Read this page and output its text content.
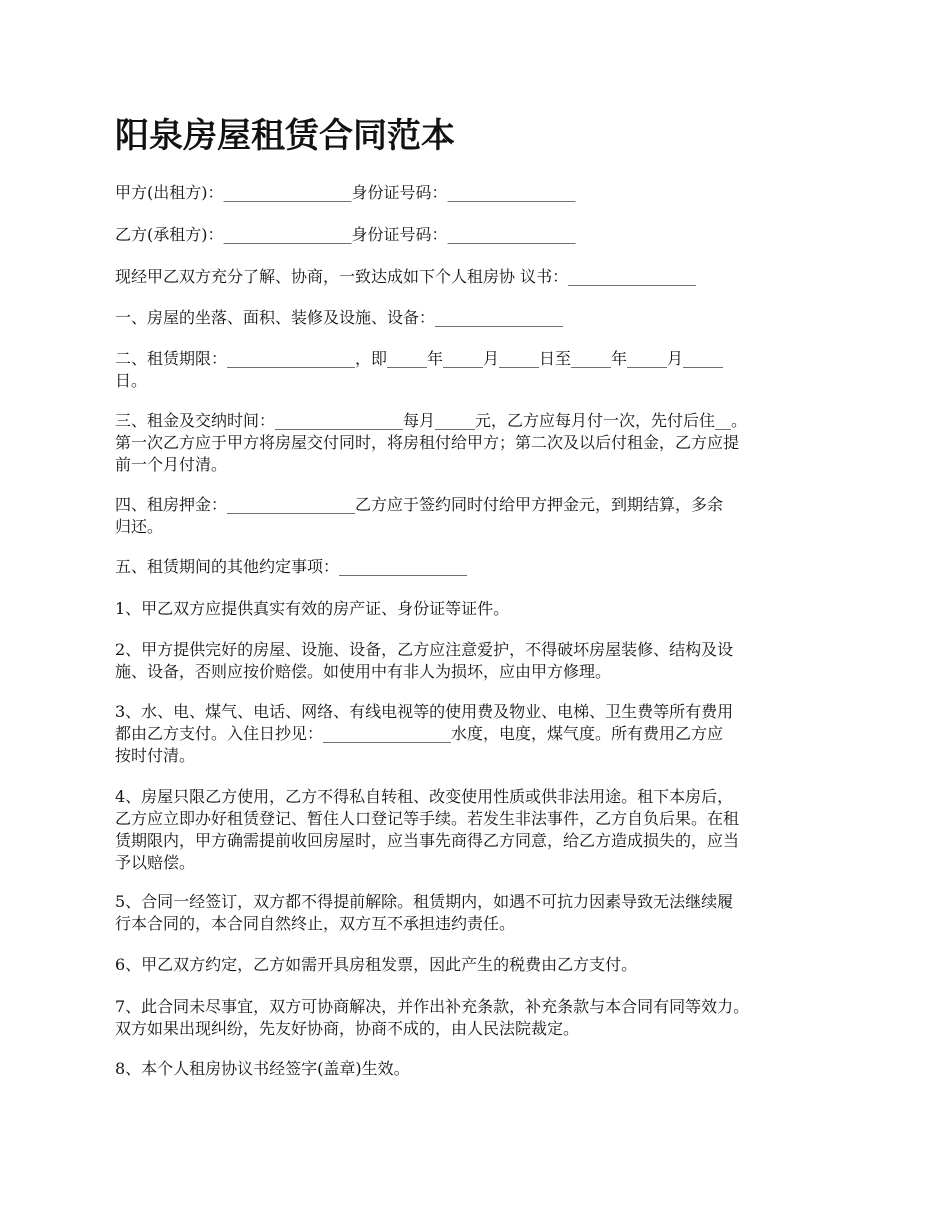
阳泉房屋租赁合同范本
甲方(出租方)：________________身份证号码：________________
乙方(承租方)：________________身份证号码：________________
现经甲乙双方充分了解、协商，一致达成如下个人租房协 议书：________________
一、房屋的坐落、面积、装修及设施、设备：________________
二、租赁期限：________________，即_____年_____月_____日至_____年_____月_____
日。
三、租金及交纳时间：________________每月_____元，乙方应每月付一次，先付后住__。
第一次乙方应于甲方将房屋交付同时，将房租付给甲方；第二次及以后付租金，乙方应提
前一个月付清。
四、租房押金：________________乙方应于签约同时付给甲方押金元，到期结算，多余
归还。
五、租赁期间的其他约定事项：________________
1、甲乙双方应提供真实有效的房产证、身份证等证件。
2、甲方提供完好的房屋、设施、设备，乙方应注意爱护，不得破坏房屋装修、结构及设
施、设备，否则应按价赔偿。如使用中有非人为损坏，应由甲方修理。
3、水、电、煤气、电话、网络、有线电视等的使用费及物业、电梯、卫生费等所有费用
都由乙方支付。入住日抄见：________________水度，电度，煤气度。所有费用乙方应
按时付清。
4、房屋只限乙方使用，乙方不得私自转租、改变使用性质或供非法用途。租下本房后，
乙方应立即办好租赁登记、暂住人口登记等手续。若发生非法事件，乙方自负后果。在租
赁期限内，甲方确需提前收回房屋时，应当事先商得乙方同意，给乙方造成损失的，应当
予以赔偿。
5、合同一经签订，双方都不得提前解除。租赁期内，如遇不可抗力因素导致无法继续履
行本合同的，本合同自然终止，双方互不承担违约责任。
6、甲乙双方约定，乙方如需开具房租发票，因此产生的税费由乙方支付。
7、此合同未尽事宜，双方可协商解决，并作出补充条款，补充条款与本合同有同等效力。
双方如果出现纠纷，先友好协商，协商不成的，由人民法院裁定。
8、本个人租房协议书经签字(盖章)生效。
